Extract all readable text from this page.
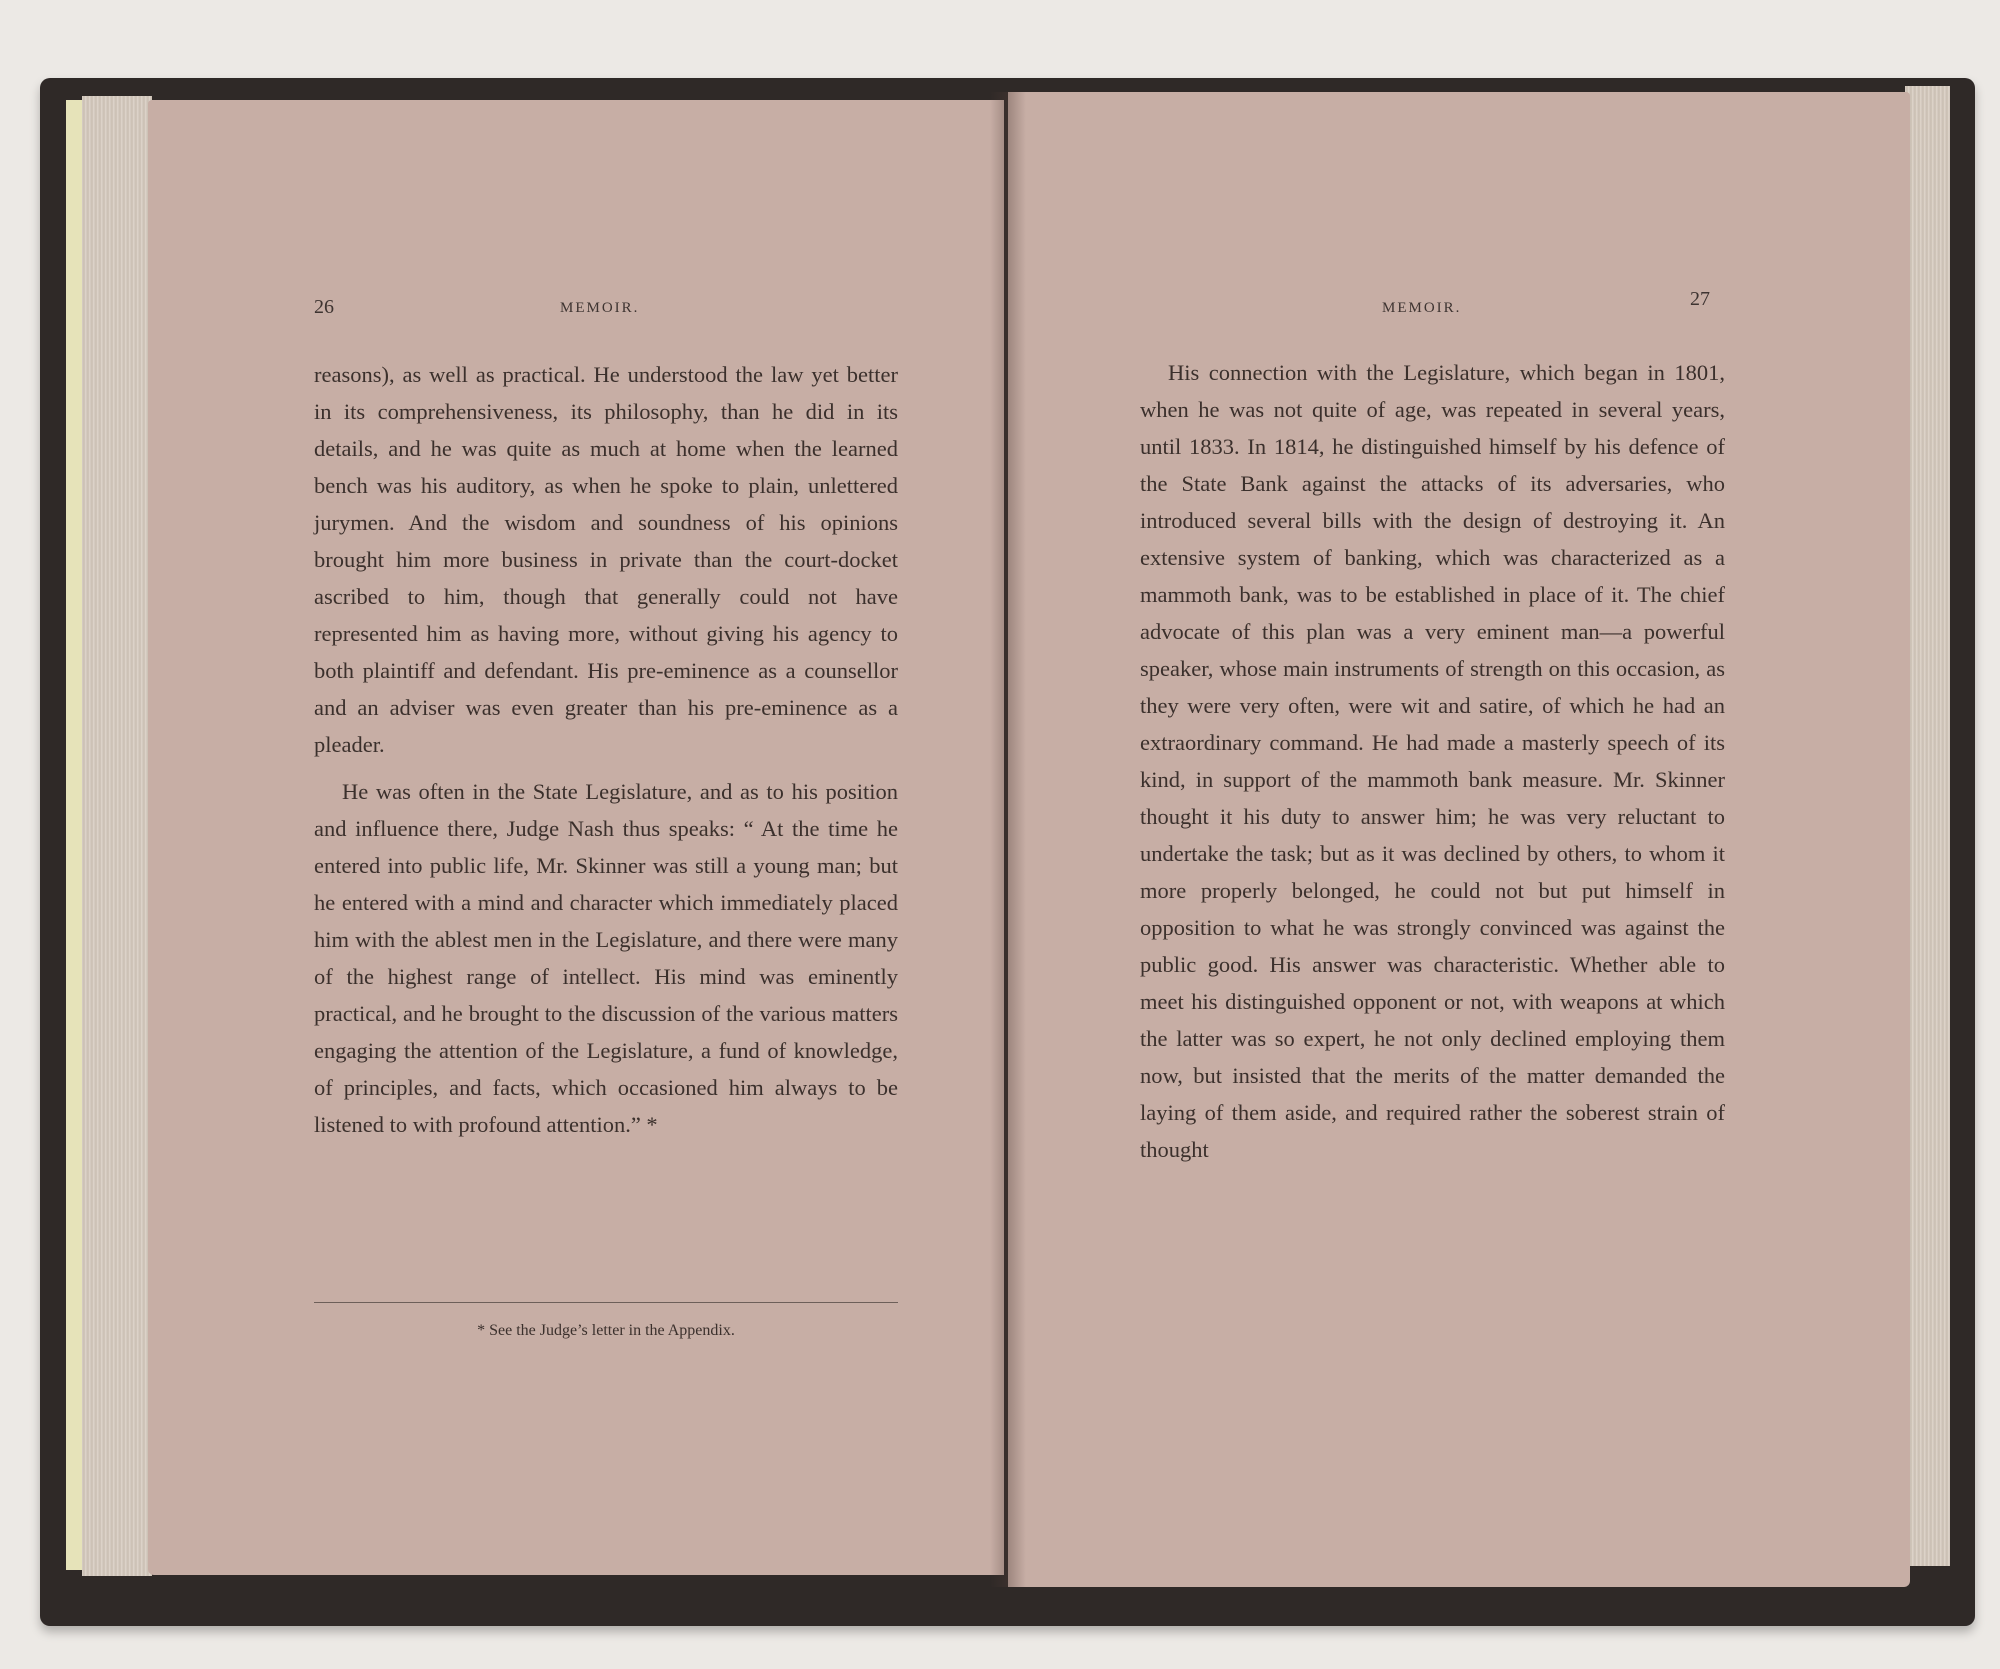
26	MEMOIR.	MEMOIR.	27

reasons), as well as practical. He understood the law yet better in its comprehensiveness, its philosophy, than he did in its details, and he was quite as much at home when the learned bench was his auditory, as when he spoke to plain, unlettered jurymen. And the wisdom and soundness of his opinions brought him more business in private than the court-docket ascribed to him, though that generally could not have represented him as having more, without giving his agency to both plaintiff and defendant. His pre-eminence as a counsellor and an adviser was even greater than his pre-eminence as a pleader.

He was often in the State Legislature, and as to his position and influence there, Judge Nash thus speaks: “ At the time he entered into public life, Mr. Skinner was still a young man; but he entered with a mind and character which immediately placed him with the ablest men in the Legislature, and there were many of the highest range of intellect. His mind was eminently practical, and he brought to the discussion of the various matters engaging the attention of the Legislature, a fund of knowledge, of principles, and facts, which occasioned him always to be listened to with profound attention.” *

* See the Judge’s letter in the Appendix.

His connection with the Legislature, which began in 1801, when he was not quite of age, was repeated in several years, until 1833. In 1814, he distinguished himself by his defence of the State Bank against the attacks of its adversaries, who introduced several bills with the design of destroying it. An extensive system of banking, which was characterized as a mammoth bank, was to be established in place of it. The chief advocate of this plan was a very eminent man—a powerful speaker, whose main instruments of strength on this occasion, as they were very often, were wit and satire, of which he had an extraordinary command. He had made a masterly speech of its kind, in support of the mammoth bank measure. Mr. Skinner thought it his duty to answer him; he was very reluctant to undertake the task; but as it was declined by others, to whom it more properly belonged, he could not but put himself in opposition to what he was strongly convinced was against the public good. His answer was characteristic. Whether able to meet his distinguished opponent or not, with weapons at which the latter was so expert, he not only declined employing them now, but insisted that the merits of the matter demanded the laying of them aside, and required rather the soberest strain of thought
